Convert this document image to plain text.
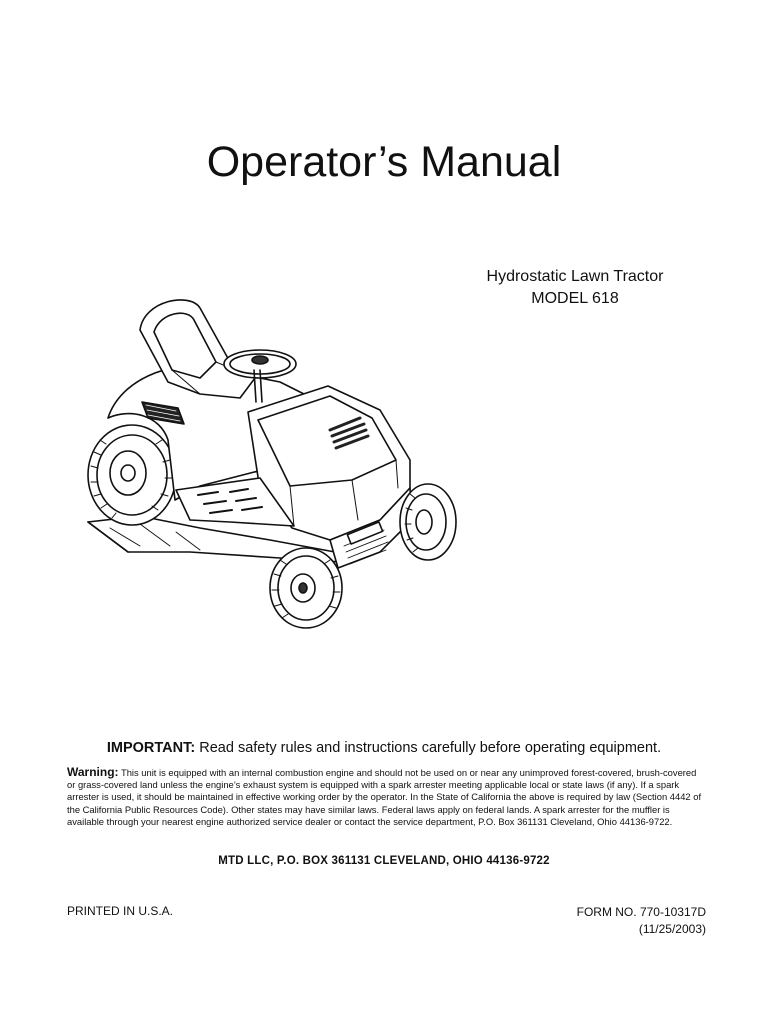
Operator’s Manual
Hydrostatic Lawn Tractor
MODEL 618
IMPORTANT: Read safety rules and instructions carefully before operating equipment.
Warning: This unit is equipped with an internal combustion engine and should not be used on or near any unimproved forest-covered, brush-covered or grass-covered land unless the engine’s exhaust system is equipped with a spark arrester meeting applicable local or state laws (if any). If a spark arrester is used, it should be maintained in effective working order by the operator. In the State of California the above is required by law (Section 4442 of the California Public Resources Code). Other states may have similar laws. Federal laws apply on federal lands. A spark arrester for the muffler is available through your nearest engine authorized service dealer or contact the service department, P.O. Box 361131 Cleveland, Ohio 44136-9722.
MTD LLC, P.O. BOX 361131 CLEVELAND, OHIO 44136-9722
PRINTED IN U.S.A.	FORM NO. 770-10317D
(11/25/2003)
